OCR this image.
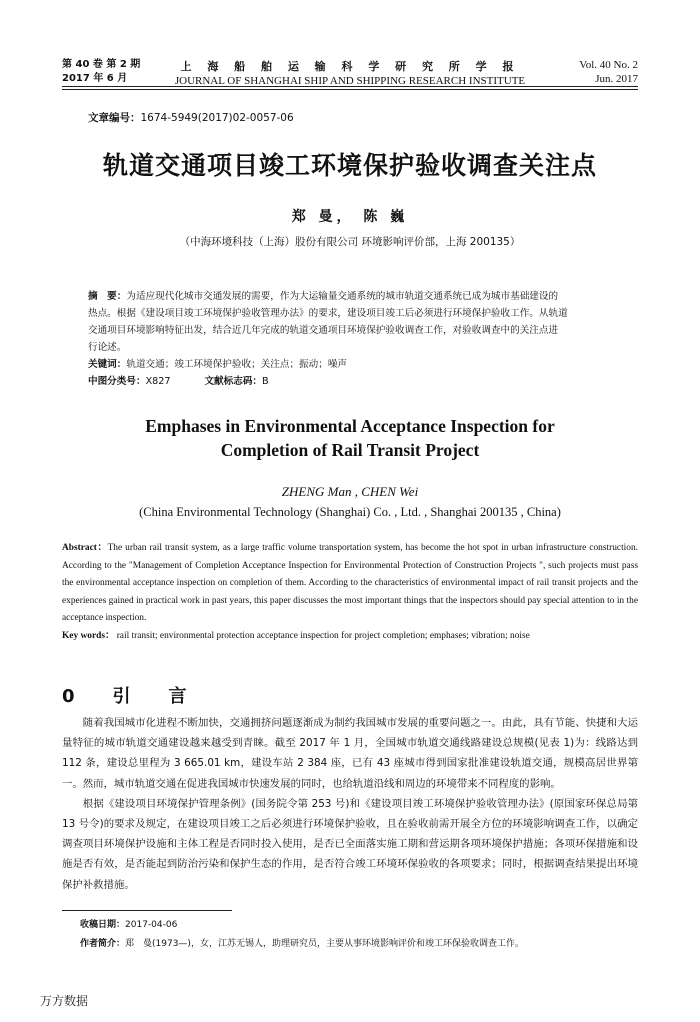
第 40 卷 第 2 期
2017 年 6 月
上 海 船 舶 运 输 科 学 研 究 所 学 报
JOURNAL OF SHANGHAI SHIP AND SHIPPING RESEARCH INSTITUTE
Vol. 40 No. 2
Jun. 2017
文章编号：1674-5949(2017)02-0057-06
轨道交通项目竣工环境保护验收调查关注点
郑 曼， 陈 巍
（中海环境科技（上海）股份有限公司 环境影响评价部，上海 200135）
摘　要：为适应现代化城市交通发展的需要，作为大运输量交通系统的城市轨道交通系统已成为城市基础建设的
热点。根据《建设项目竣工环境保护验收管理办法》的要求，建设项目竣工后必须进行环境保护验收工作。从轨道
交通项目环境影响特征出发，结合近几年完成的轨道交通项目环境保护验收调查工作，对验收调查中的关注点进
行论述。
关键词：轨道交通；竣工环境保护验收；关注点；振动；噪声
中图分类号：X827	文献标志码：B
Emphases in Environmental Acceptance Inspection for
Completion of Rail Transit Project
ZHENG Man , CHEN Wei
(China Environmental Technology (Shanghai) Co. , Ltd. , Shanghai 200135 , China)
Abstract：The urban rail transit system, as a large traffic volume transportation system, has become the hot spot in urban infrastructure construction. According to the "Management of Completion Acceptance Inspection for Environmental Protection of Construction Projects ", such projects must pass the environmental acceptance inspection on completion of them. According to the characteristics of environmental impact of rail transit projects and the experiences gained in practical work in past years, this paper discusses the most important things that the inspectors should pay special attention to in the acceptance inspection.
Key words： rail transit; environmental protection acceptance inspection for project completion; emphases; vibration; noise
0　引　言

随着我国城市化进程不断加快，交通拥挤问题逐渐成为制约我国城市发展的重要问题之一。由此，具有节能、快捷和大运量特征的城市轨道交通建设越来越受到青睐。截至 2017 年 1 月，全国城市轨道交通线路建设总规模(见表 1)为：线路达到 112 条，建设总里程为 3 665.01 km，建设车站 2 384 座，已有 43 座城市得到国家批准建设轨道交通，规模高居世界第一。然而，城市轨道交通在促进我国城市快速发展的同时，也给轨道沿线和周边的环境带来不同程度的影响。

根据《建设项目环境保护管理条例》(国务院令第 253 号)和《建设项目竣工环境保护验收管理办法》(原国家环保总局第 13 号令)的要求及规定，在建设项目竣工之后必须进行环境保护验收，且在验收前需开展全方位的环境影响调查工作，以确定调查项目环境保护设施和主体工程是否同时投入使用，是否已全面落实施工期和营运期各项环境保护措施；各项环保措施和设施是否有效，是否能起到防治污染和保护生态的作用，是否符合竣工环境环保验收的各项要求；同时，根据调查结果提出环境保护补救措施。

收稿日期：2017-04-06
作者简介：郑　曼(1973—)，女，江苏无锡人，助理研究员，主要从事环境影响评价和竣工环保验收调查工作。
万方数据
